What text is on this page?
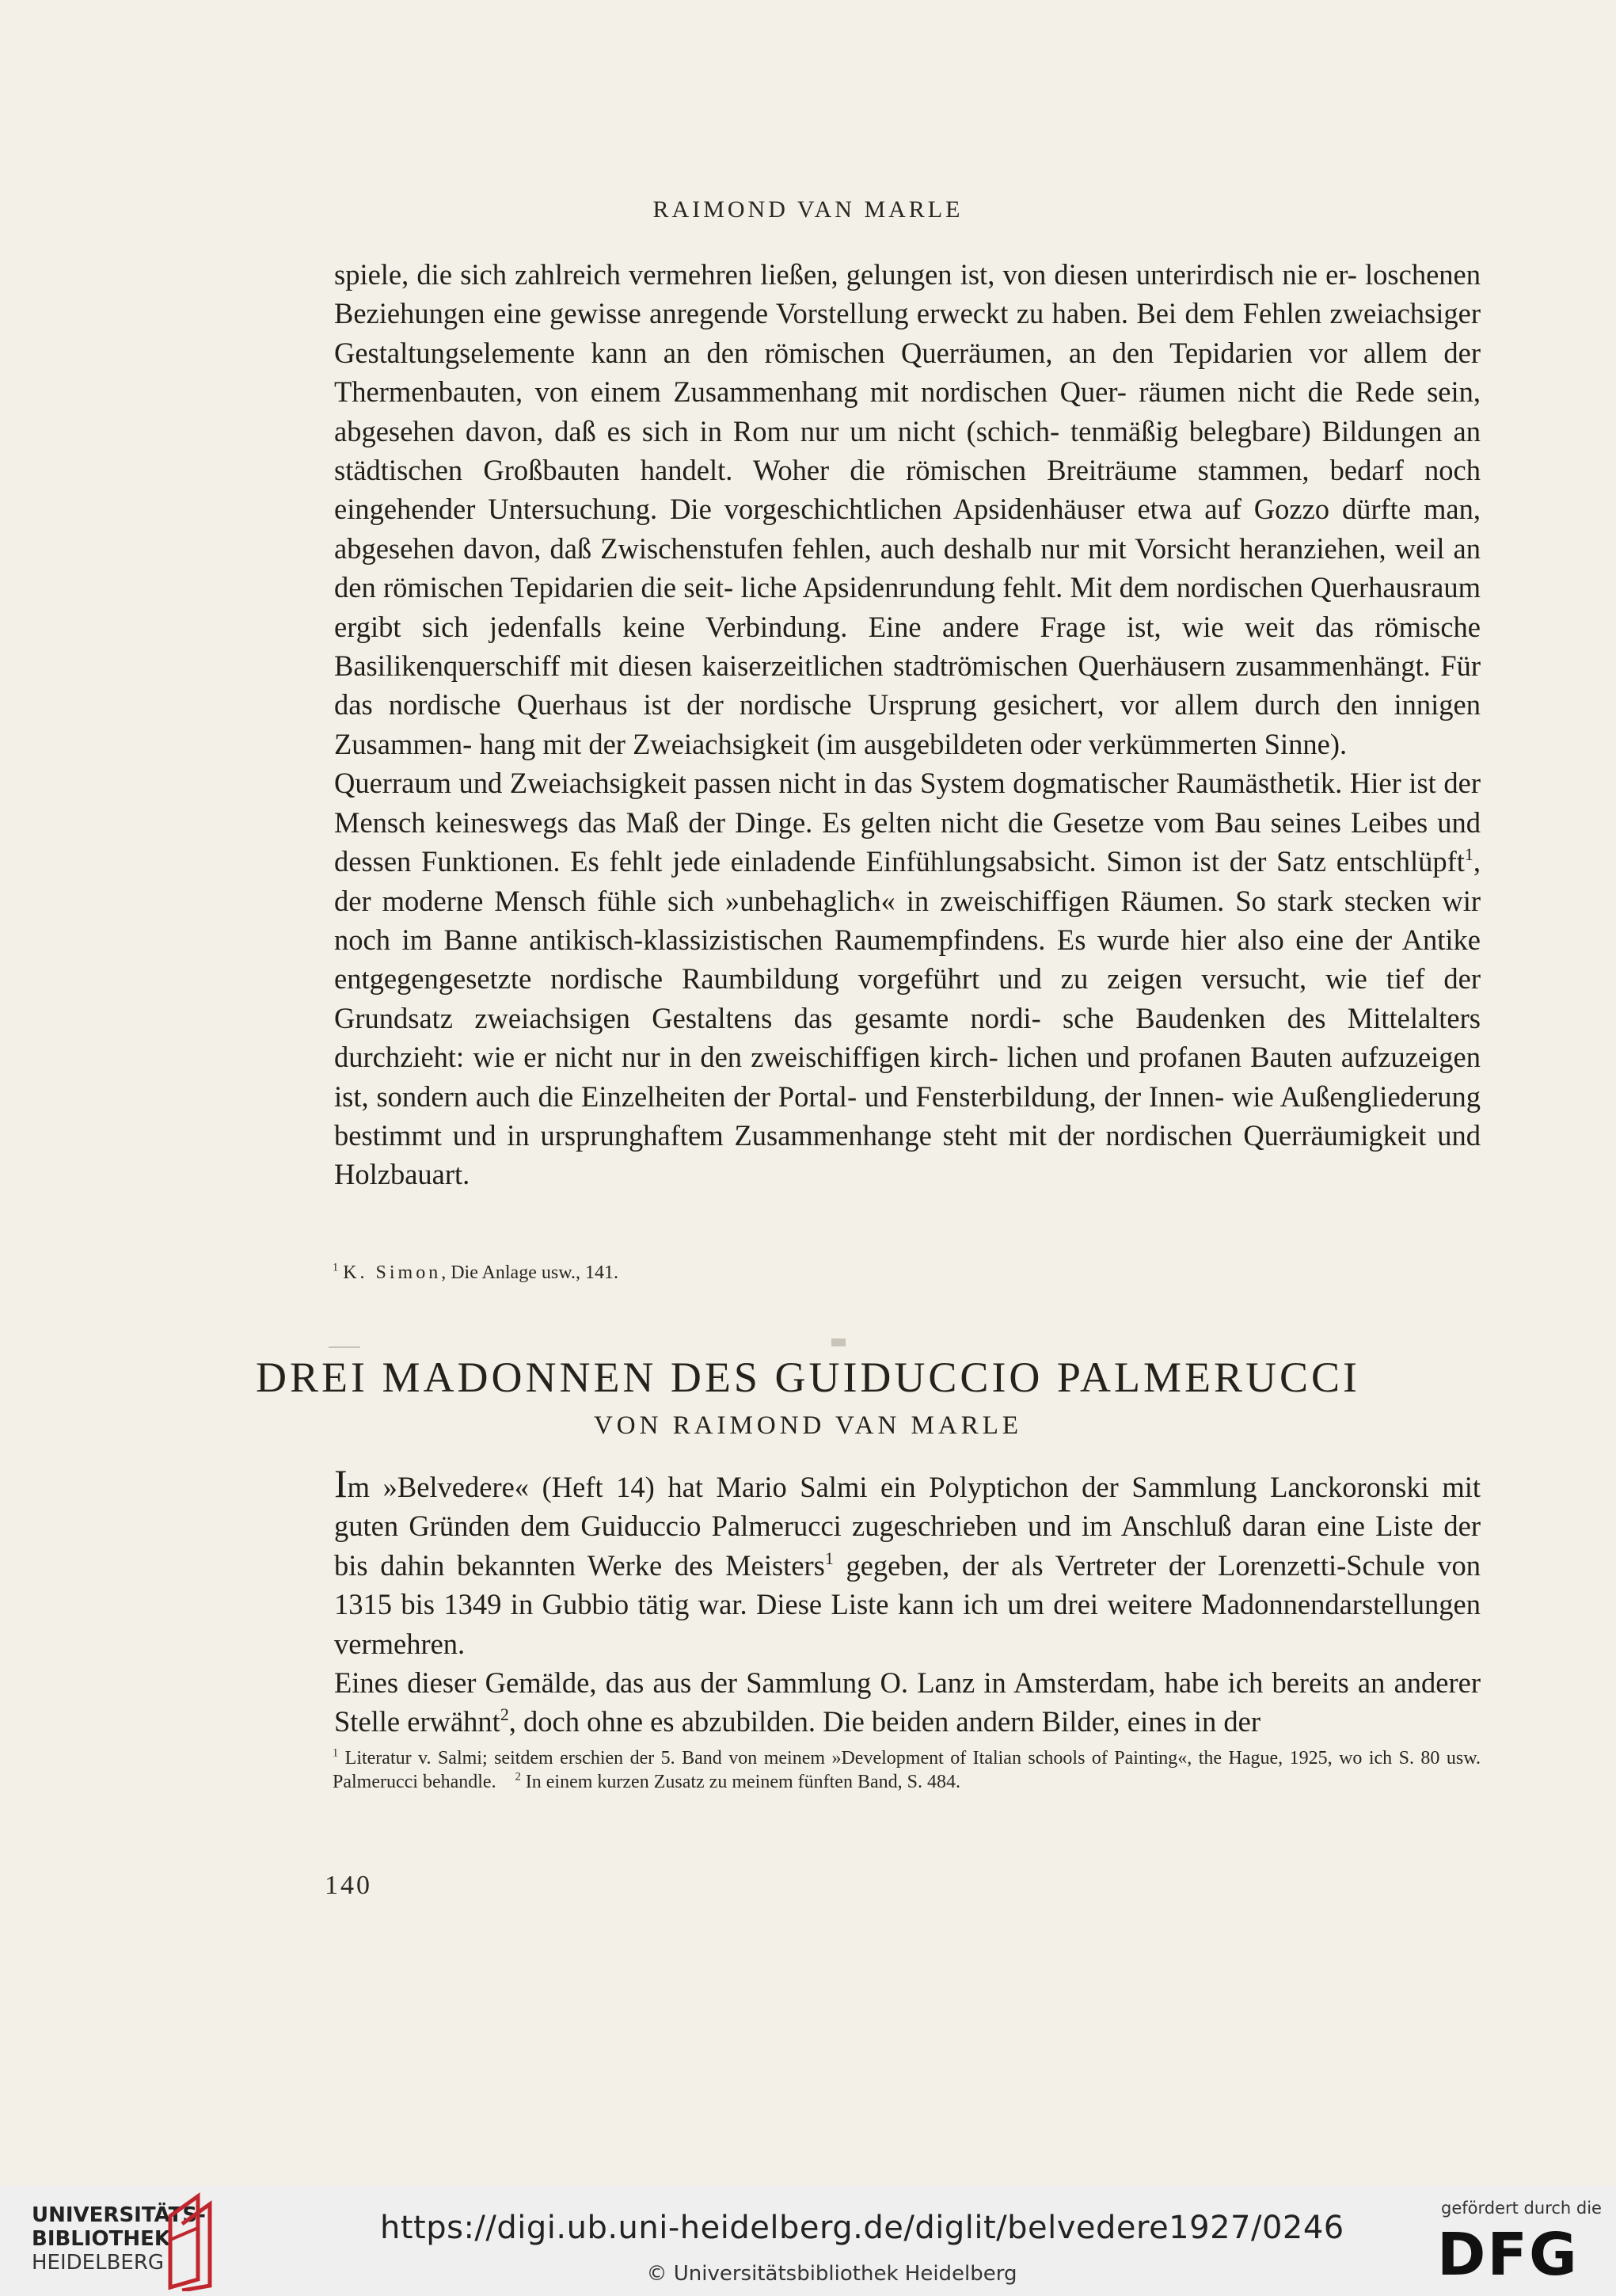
RAIMOND VAN MARLE

spiele, die sich zahlreich vermehren ließen, gelungen ist, von diesen unterirdisch nie er- loschenen Beziehungen eine gewisse anregende Vorstellung erweckt zu haben. Bei dem Fehlen zweiachsiger Gestaltungselemente kann an den römischen Querräumen, an den Tepidarien vor allem der Thermenbauten, von einem Zusammenhang mit nordischen Quer- räumen nicht die Rede sein, abgesehen davon, daß es sich in Rom nur um nicht (schich- tenmäßig belegbare) Bildungen an städtischen Großbauten handelt. Woher die römischen Breiträume stammen, bedarf noch eingehender Untersuchung. Die vorgeschichtlichen Apsidenhäuser etwa auf Gozzo dürfte man, abgesehen davon, daß Zwischenstufen fehlen, auch deshalb nur mit Vorsicht heranziehen, weil an den römischen Tepidarien die seit- liche Apsidenrundung fehlt. Mit dem nordischen Querhausraum ergibt sich jedenfalls keine Verbindung. Eine andere Frage ist, wie weit das römische Basilikenquerschiff mit diesen kaiserzeitlichen stadtrömischen Querhäusern zusammenhängt. Für das nordische Querhaus ist der nordische Ursprung gesichert, vor allem durch den innigen Zusammen- hang mit der Zweiachsigkeit (im ausgebildeten oder verkümmerten Sinne).

Querraum und Zweiachsigkeit passen nicht in das System dogmatischer Raumästhetik. Hier ist der Mensch keineswegs das Maß der Dinge. Es gelten nicht die Gesetze vom Bau seines Leibes und dessen Funktionen. Es fehlt jede einladende Einfühlungsabsicht. Simon ist der Satz entschlüpft$^1$, der moderne Mensch fühle sich »unbehaglich« in zweischiffigen Räumen. So stark stecken wir noch im Banne antikisch-klassizistischen Raumempfindens. Es wurde hier also eine der Antike entgegengesetzte nordische Raumbildung vorgeführt und zu zeigen versucht, wie tief der Grundsatz zweiachsigen Gestaltens das gesamte nordi- sche Baudenken des Mittelalters durchzieht: wie er nicht nur in den zweischiffigen kirch- lichen und profanen Bauten aufzuzeigen ist, sondern auch die Einzelheiten der Portal- und Fensterbildung, der Innen- wie Außengliederung bestimmt und in ursprunghaftem Zusammenhange steht mit der nordischen Querräumigkeit und Holzbauart.

$^1$ K. Simon, Die Anlage usw., 141.
DREI MADONNEN DES GUIDUCCIO PALMERUCCI
VON RAIMOND VAN MARLE

Im »Belvedere« (Heft 14) hat Mario Salmi ein Polyptichon der Sammlung Lanckoronski mit guten Gründen dem Guiduccio Palmerucci zugeschrieben und im Anschluß daran eine Liste der bis dahin bekannten Werke des Meisters$^1$ gegeben, der als Vertreter der Lorenzetti-Schule von 1315 bis 1349 in Gubbio tätig war. Diese Liste kann ich um drei weitere Madonnendarstellungen vermehren.

Eines dieser Gemälde, das aus der Sammlung O. Lanz in Amsterdam, habe ich bereits an anderer Stelle erwähnt$^2$, doch ohne es abzubilden. Die beiden andern Bilder, eines in der

$^1$ Literatur v. Salmi; seitdem erschien der 5. Band von meinem »Development of Italian schools of Painting«, the Hague, 1925, wo ich S. 80 usw. Palmerucci behandle. $^2$ In einem kurzen Zusatz zu meinem fünften Band, S. 484.
140
UNIVERSITÄTS-
BIBLIOTHEK
HEIDELBERG
https://digi.ub.uni-heidelberg.de/diglit/belvedere1927/0246
© Universitätsbibliothek Heidelberg
gefördert durch die
DFG
